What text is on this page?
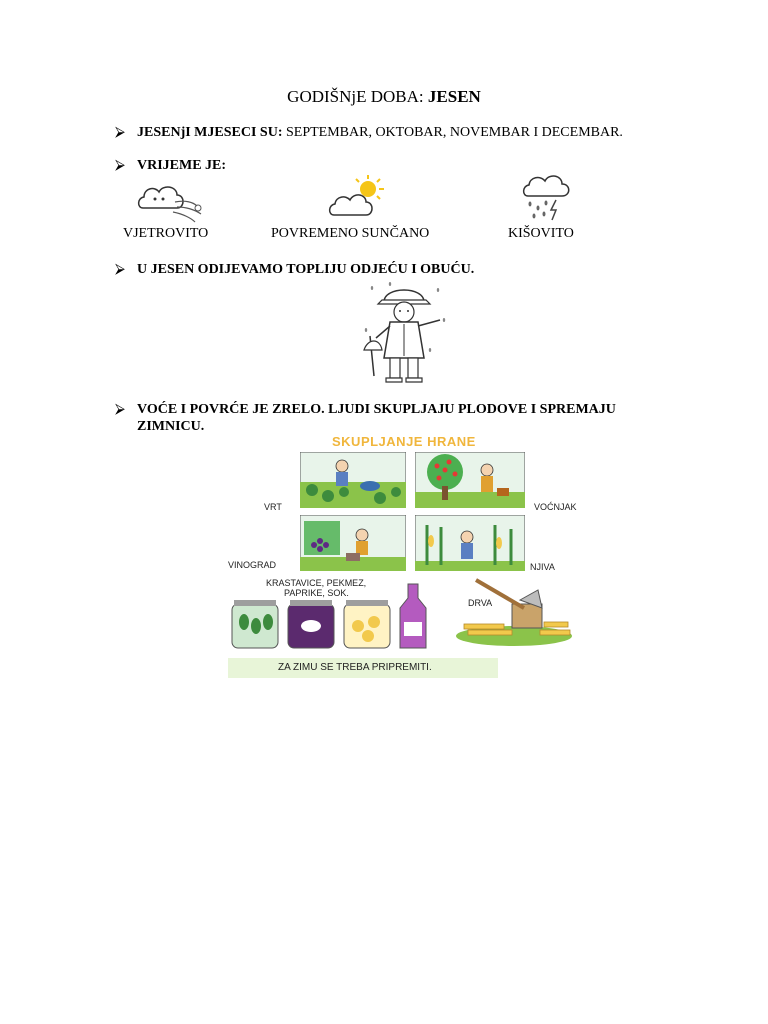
GODIŠNjE DOBA: JESEN
⮚ JESENjI MJESECI SU: SEPTEMBAR, OKTOBAR, NOVEMBAR I DECEMBAR.
⮚ VRIJEME JE:
VJETROVITO	POVREMENO SUNČANO	KIŠOVITO
⮚ U JESEN ODIJEVAMO TOPLIJU ODJEĆU I OBUĆU.
⮚ VOĆE I POVRĆE JE ZRELO. LJUDI SKUPLJAJU PLODOVE I SPREMAJU
ZIMNICU.
SKUPLJANJE HRANE
VRT	VOĆNJAK
VINOGRAD	NJIVA
KRASTAVICE, PEKMEZ,
PAPRIKE, SOK.
DRVA
ZA ZIMU SE TREBA PRIPREMITI.
